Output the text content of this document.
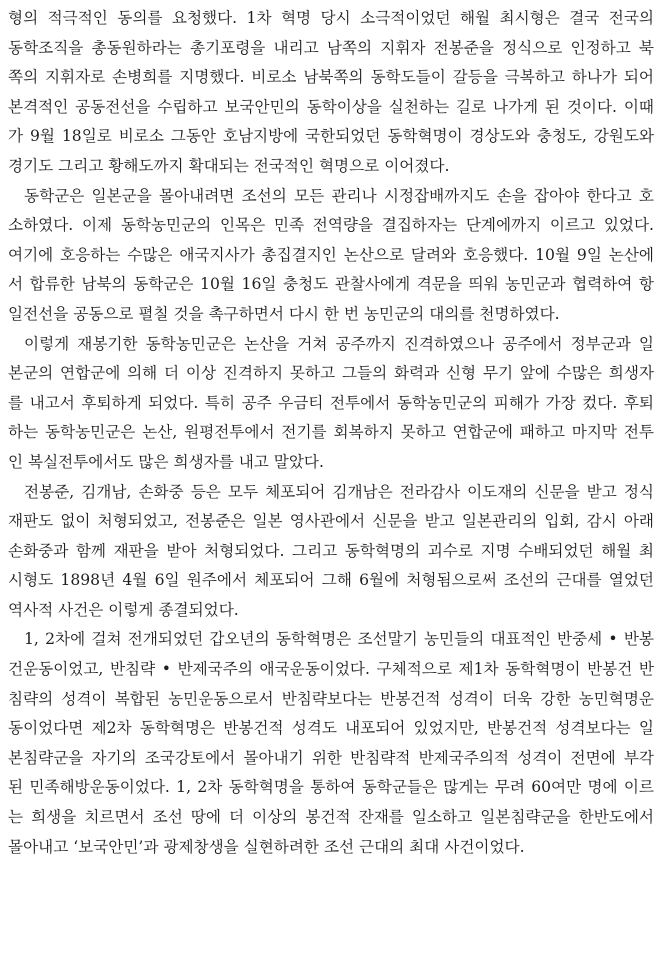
형의 적극적인 동의를 요청했다. 1차 혁명 당시 소극적이었던 해월 최시형은 결국 전국의
동학조직을 총동원하라는 총기포령을 내리고 남쪽의 지휘자 전봉준을 정식으로 인정하고 북
쪽의 지휘자로 손병희를 지명했다. 비로소 남북쪽의 동학도들이 갈등을 극복하고 하나가 되어
본격적인 공동전선을 수립하고 보국안민의 동학이상을 실천하는 길로 나가게 된 것이다. 이때
가 9월 18일로 비로소 그동안 호남지방에 국한되었던 동학혁명이 경상도와 충청도, 강원도와
경기도 그리고 황해도까지 확대되는 전국적인 혁명으로 이어졌다.
동학군은 일본군을 몰아내려면 조선의 모든 관리나 시정잡배까지도 손을 잡아야 한다고 호
소하였다. 이제 동학농민군의 인목은 민족 전역량을 결집하자는 단계에까지 이르고 있었다.
여기에 호응하는 수많은 애국지사가 총집결지인 논산으로 달려와 호응했다. 10월 9일 논산에
서 합류한 남북의 동학군은 10월 16일 충청도 관찰사에게 격문을 띄워 농민군과 협력하여 항
일전선을 공동으로 펼칠 것을 촉구하면서 다시 한 번 농민군의 대의를 천명하였다.
이렇게 재봉기한 동학농민군은 논산을 거쳐 공주까지 진격하였으나 공주에서 정부군과 일
본군의 연합군에 의해 더 이상 진격하지 못하고 그들의 화력과 신형 무기 앞에 수많은 희생자
를 내고서 후퇴하게 되었다. 특히 공주 우금티 전투에서 동학농민군의 피해가 가장 컸다. 후퇴
하는 동학농민군은 논산, 원평전투에서 전기를 회복하지 못하고 연합군에 패하고 마지막 전투
인 복실전투에서도 많은 희생자를 내고 말았다.
전봉준, 김개남, 손화중 등은 모두 체포되어 김개남은 전라감사 이도재의 신문을 받고 정식
재판도 없이 처형되었고, 전봉준은 일본 영사관에서 신문을 받고 일본관리의 입회, 감시 아래
손화중과 함께 재판을 받아 처형되었다. 그리고 동학혁명의 괴수로 지명 수배되었던 해월 최
시형도 1898년 4월 6일 원주에서 체포되어 그해 6월에 처형됨으로써 조선의 근대를 열었던
역사적 사건은 이렇게 종결되었다.
1, 2차에 걸쳐 전개되었던 갑오년의 동학혁명은 조선말기 농민들의 대표적인 반중세 • 반봉
건운동이었고, 반침략 • 반제국주의 애국운동이었다. 구체적으로 제1차 동학혁명이 반봉건 반
침략의 성격이 복합된 농민운동으로서 반침략보다는 반봉건적 성격이 더욱 강한 농민혁명운
동이었다면 제2차 동학혁명은 반봉건적 성격도 내포되어 있었지만, 반봉건적 성격보다는 일
본침략군을 자기의 조국강토에서 몰아내기 위한 반침략적 반제국주의적 성격이 전면에 부각
된 민족해방운동이었다. 1, 2차 동학혁명을 통하여 동학군들은 많게는 무려 60여만 명에 이르
는 희생을 치르면서 조선 땅에 더 이상의 봉건적 잔재를 일소하고 일본침략군을 한반도에서
몰아내고 ‘보국안민’과 광제창생을 실현하려한 조선 근대의 최대 사건이었다.
